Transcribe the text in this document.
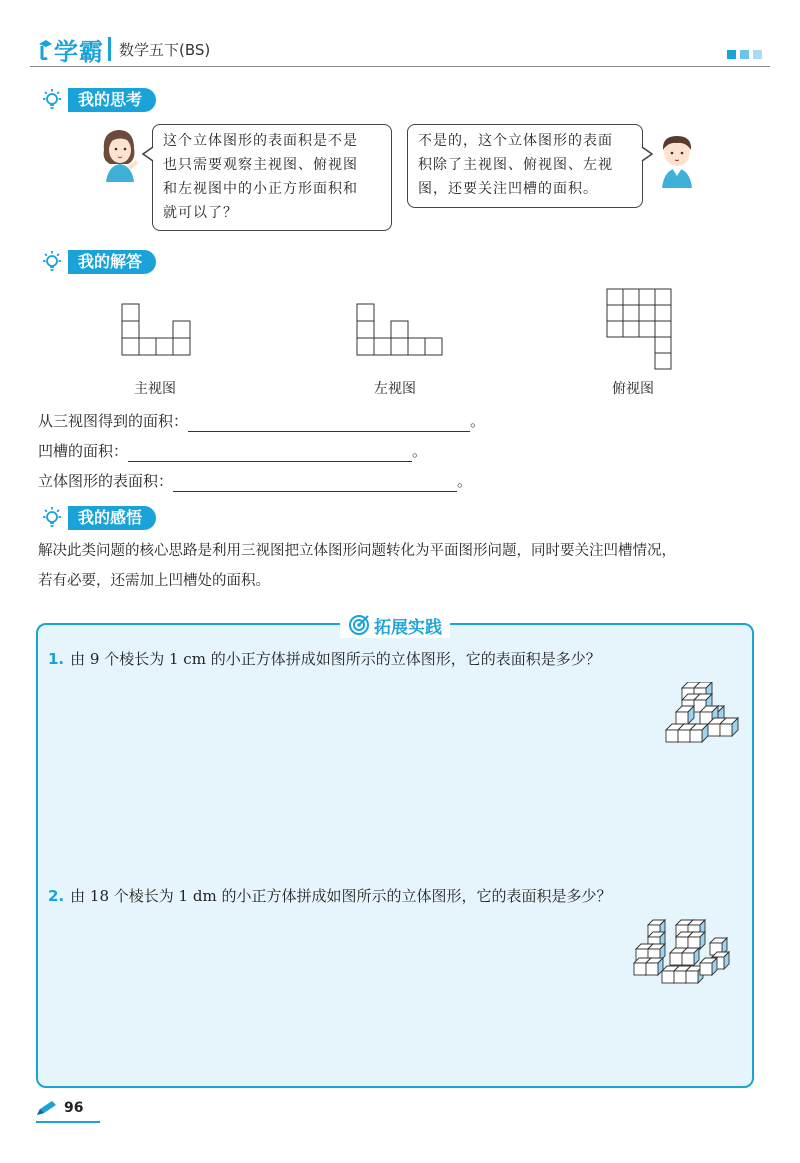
学霸 数学五下(BS)
我的思考
这个立体图形的表面积是不是
也只需要观察主视图、俯视图
和左视图中的小正方形面积和
就可以了？
不是的，这个立体图形的表面
积除了主视图、俯视图、左视
图，还要关注凹槽的面积。
我的解答
主视图	左视图	俯视图
从三视图得到的面积：	。
凹槽的面积：	。
立体图形的表面积：	。
我的感悟
解决此类问题的核心思路是利用三视图把立体图形问题转化为平面图形问题，同时要关注凹槽情况，
若有必要，还需加上凹槽处的面积。
拓展实践
1. 由 9 个棱长为 1 cm 的小正方体拼成如图所示的立体图形，它的表面积是多少？
2. 由 18 个棱长为 1 dm 的小正方体拼成如图所示的立体图形，它的表面积是多少？
96
